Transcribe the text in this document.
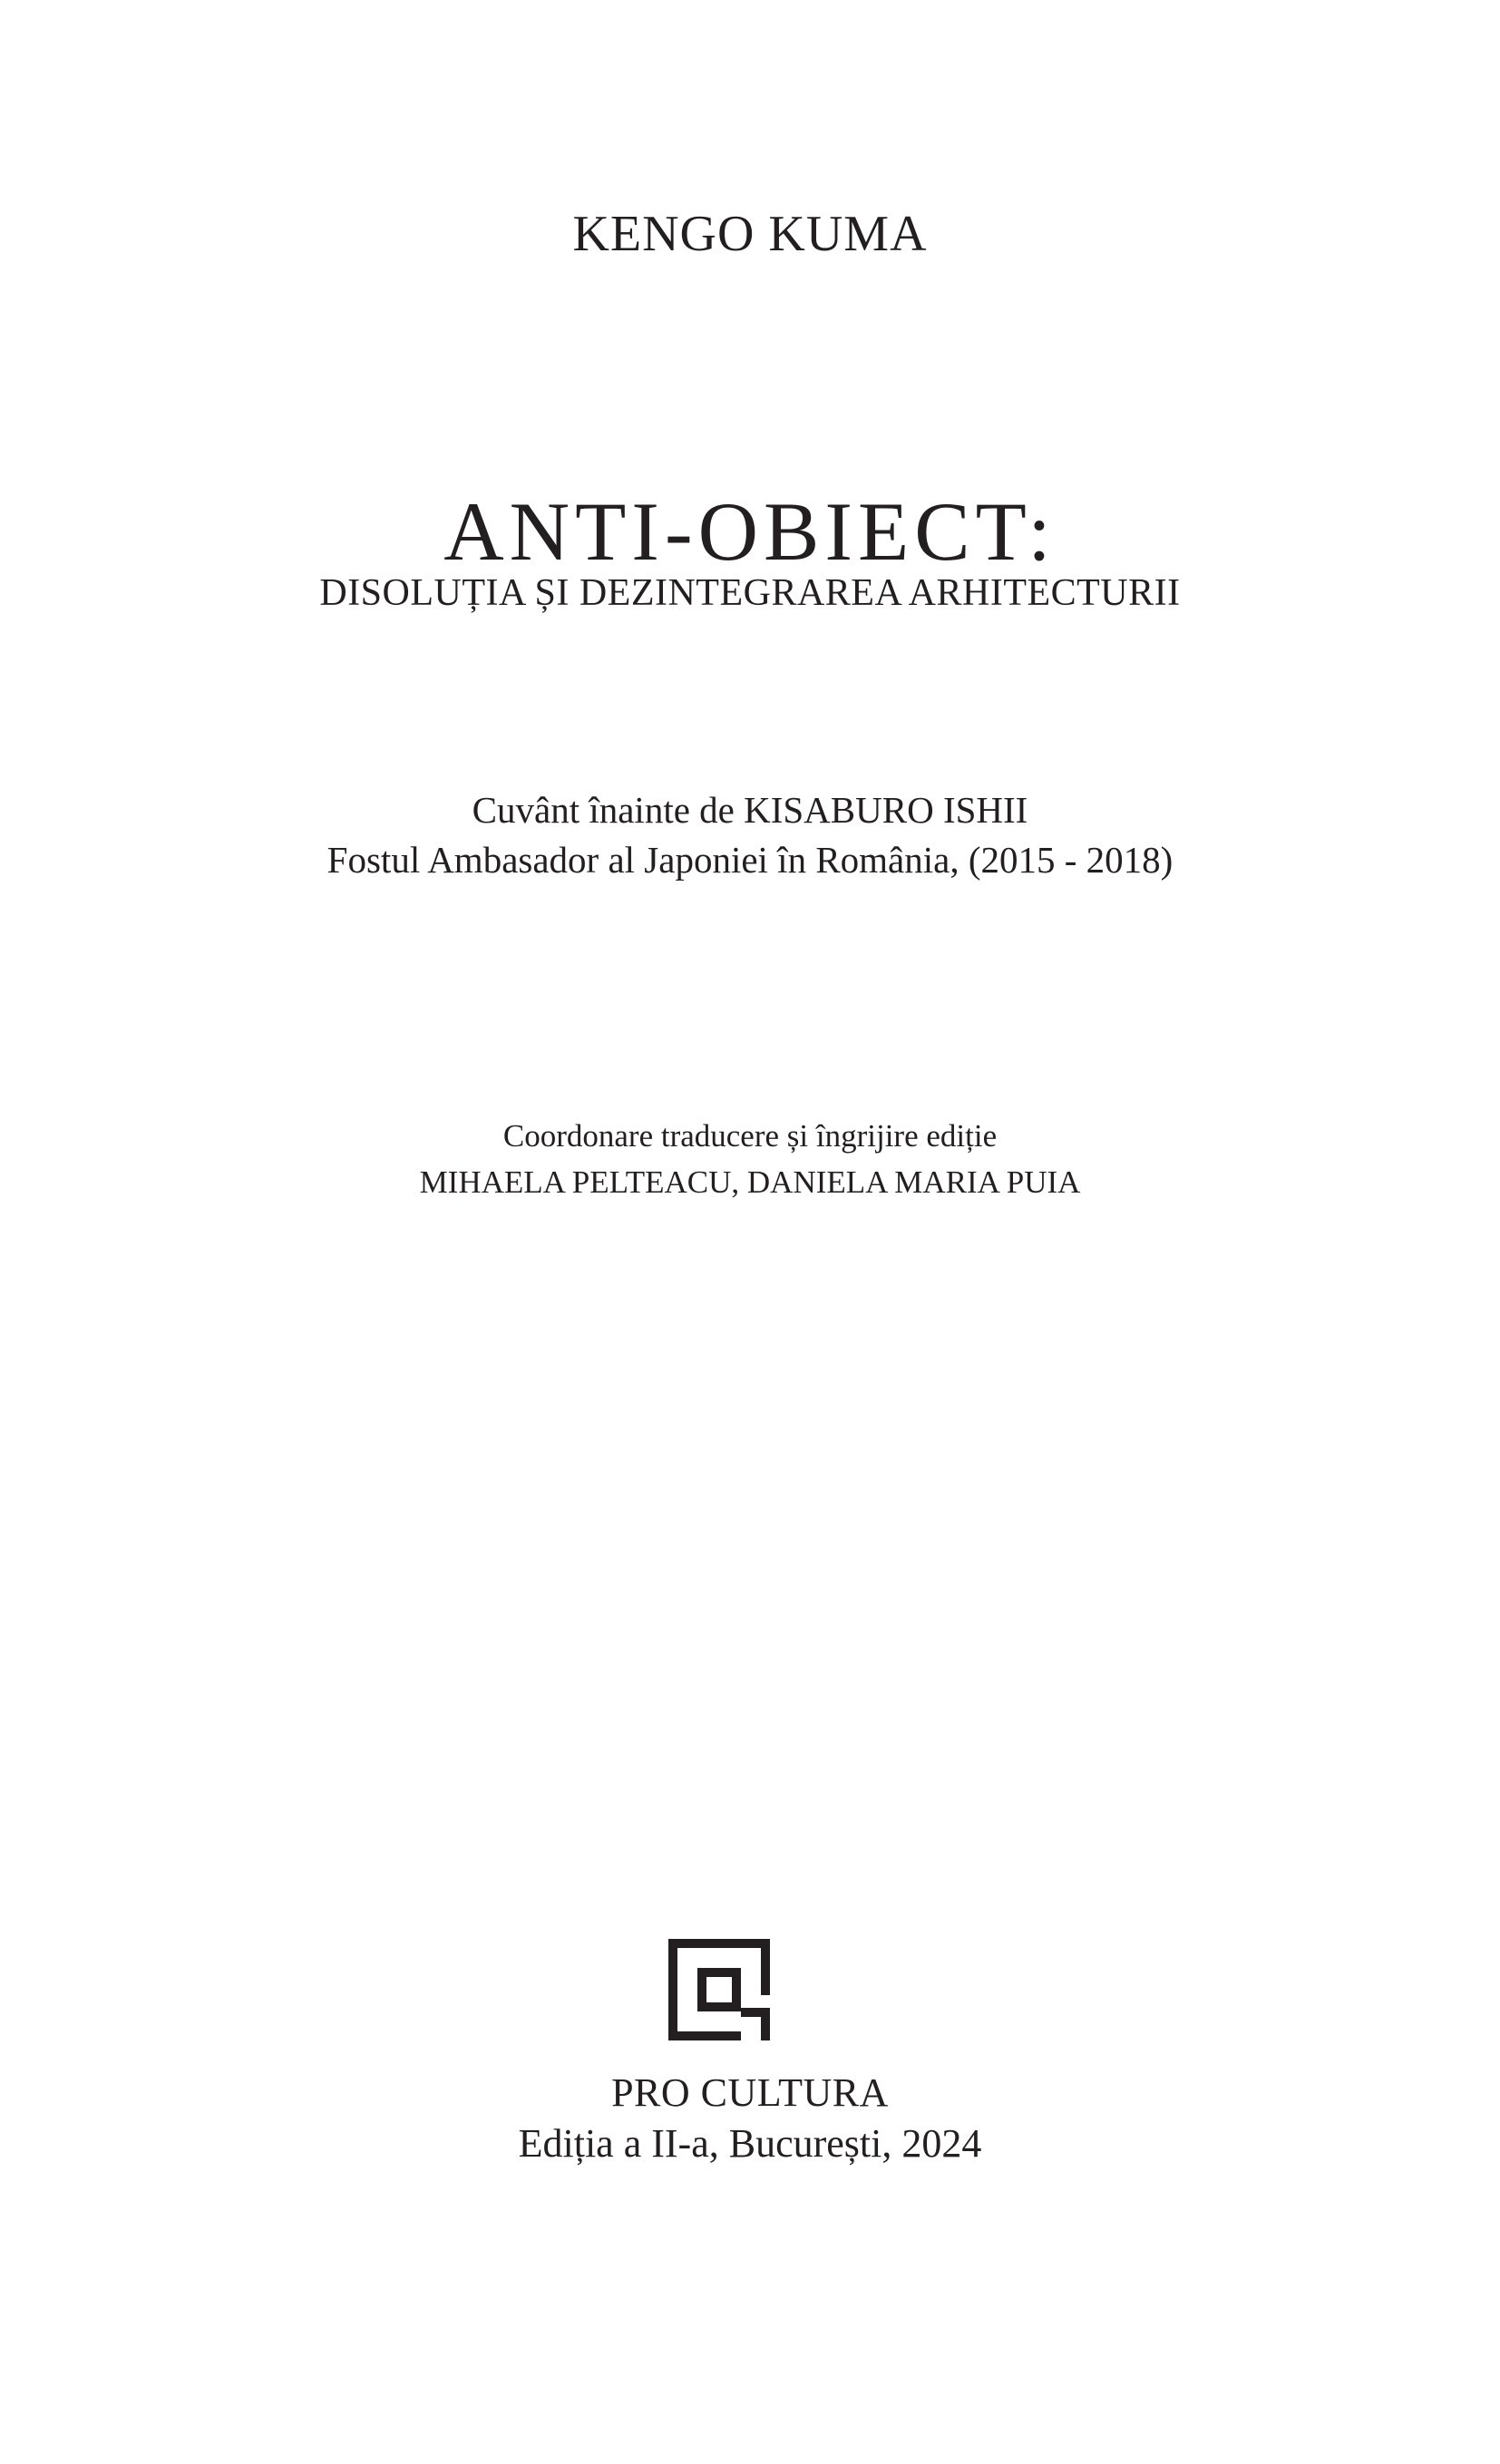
KENGO KUMA
ANTI-OBIECT:
DISOLUȚIA ȘI DEZINTEGRAREA ARHITECTURII
Cuvânt înainte de KISABURO ISHII
Fostul Ambasador al Japoniei în România, (2015 - 2018)
Coordonare traducere și îngrijire ediție
MIHAELA PELTEACU, DANIELA MARIA PUIA
PRO CULTURA
Ediția a II-a, București, 2024
